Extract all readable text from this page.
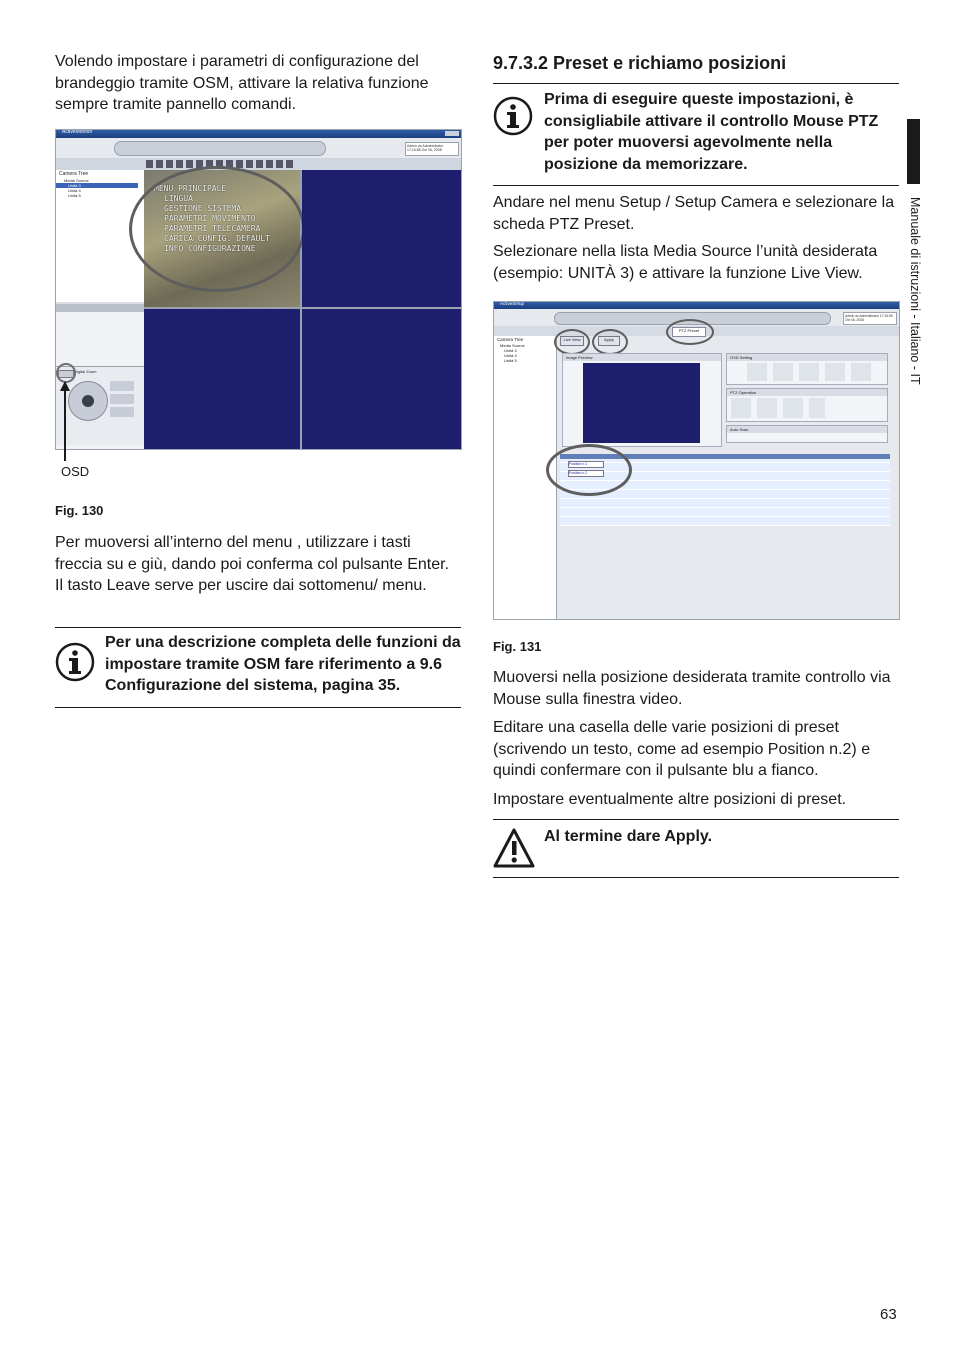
Volendo impostare i parametri di configurazione del brandeggio tramite OSM, attivare la relativa funzione sempre tramite pannello comandi.

ActiveMonitor
Admin as Administrator 17:15:58 Oct 06, 2008
Camera Tree
Media Source
Unità 3
Unità 4
Unità 5
Digital Zoom
MENU PRINCIPALE
LINGUA
GESTIONE SISTEMA
PARAMETRI MOVIMENTO
PARAMETRI TELECAMERA
CARICA CONFIG. DEFAULT
INFO CONFIGURAZIONE
OSD
Fig. 130

Per muoversi all’interno del menu , utilizzare i tasti freccia su e giù, dando poi conferma col pulsante Enter. Il tasto Leave serve per uscire dai sottomenu/ menu.

Per una descrizione completa delle funzioni da impostare tramite OSM fare riferimento a 9.6 Configurazione del sistema, pagina 35.
9.7.3.2 Preset e richiamo posizioni
Prima di eseguire queste impostazioni, è consigliabile attivare il controllo Mouse PTZ per poter muoversi agevolmente nella posizione da memorizzare.

Andare nel menu Setup / Setup Camera e selezionare la scheda PTZ Preset.

Selezionare nella lista Media Source l’unità desiderata (esempio: UNITÀ 3) e attivare la funzione Live View.

ActiveSetup
Admin as Administrator 17:16:55 Oct 06, 2008
PTZ Preset
Camera Tree
Media Source
Unità 3
Unità 4
Unità 5
Live View	Apply
Image Preview	OSD Setting
PTZ Operation
Auto Scan
Position n.1
Position n.2
Fig. 131

Muoversi nella posizione desiderata tramite controllo via Mouse sulla finestra video.

Editare una casella delle varie posizioni di preset (scrivendo un testo, come ad esempio Position n.2) e quindi confermare con il pulsante blu a fianco.

Impostare eventualmente altre posizioni di preset.

Al termine dare Apply.
Manuale di istruzioni - Italiano - IT
63
